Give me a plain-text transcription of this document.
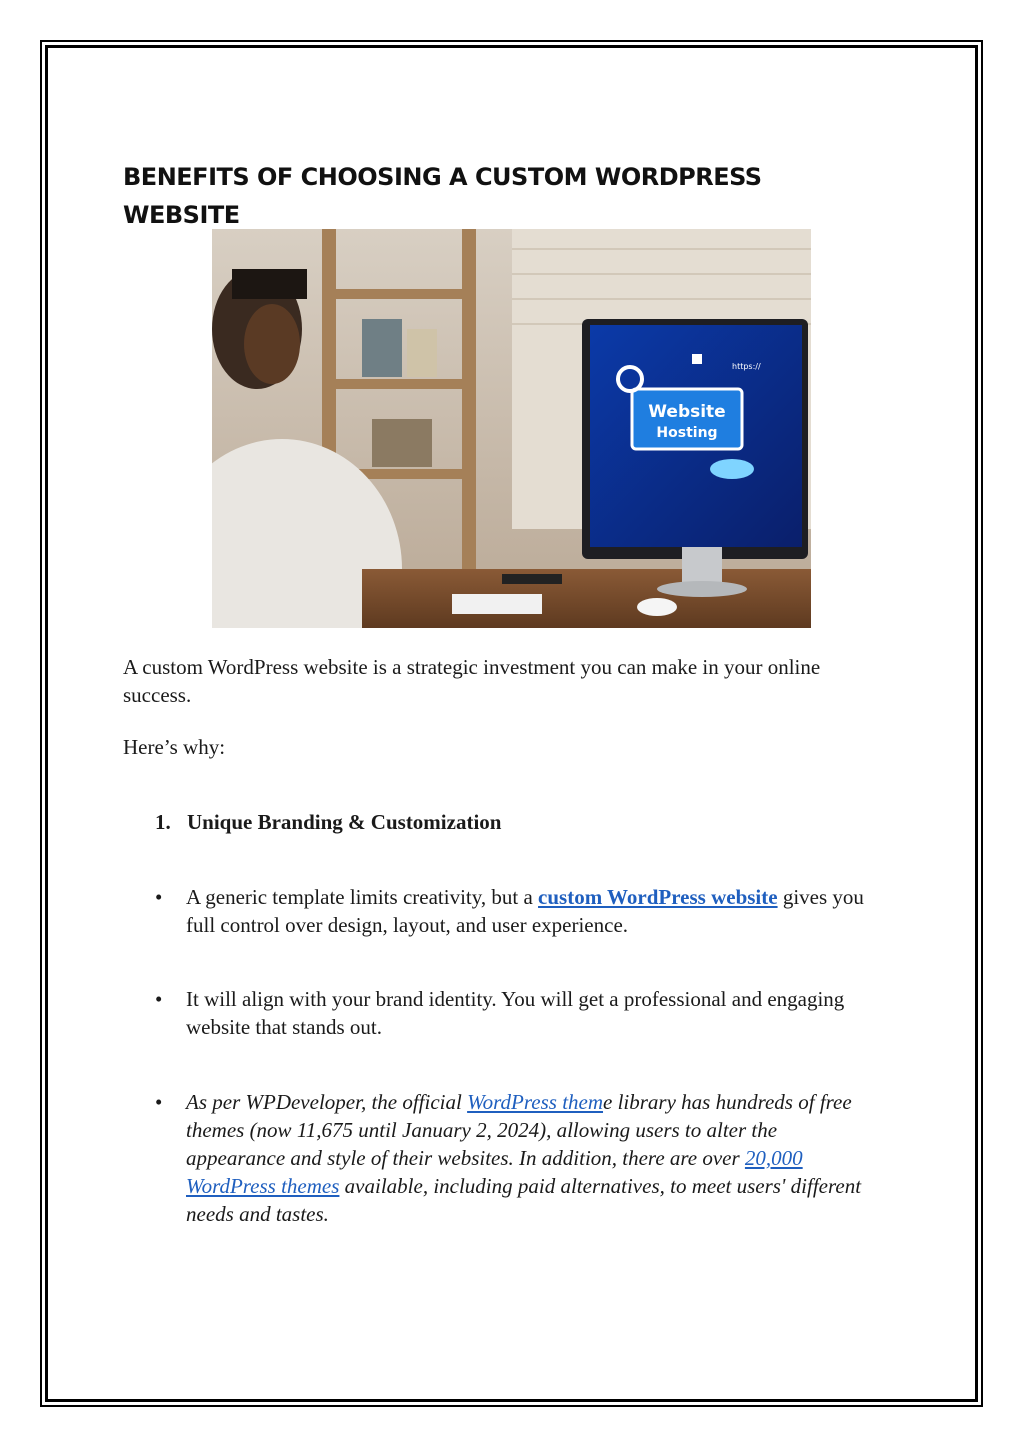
BENEFITS OF CHOOSING A CUSTOM WORDPRESS WEBSITE
Website
Hosting
https://

A custom WordPress website is a strategic investment you can make in your online success.

Here’s why:

1. Unique Branding & Customization
•	A generic template limits creativity, but a custom WordPress website gives you full control over design, layout, and user experience.
•	It will align with your brand identity. You will get a professional and engaging website that stands out.
•	As per WPDeveloper, the official WordPress theme library has hundreds of free themes (now 11,675 until January 2, 2024), allowing users to alter the appearance and style of their websites. In addition, there are over 20,000 WordPress themes available, including paid alternatives, to meet users' different needs and tastes.
